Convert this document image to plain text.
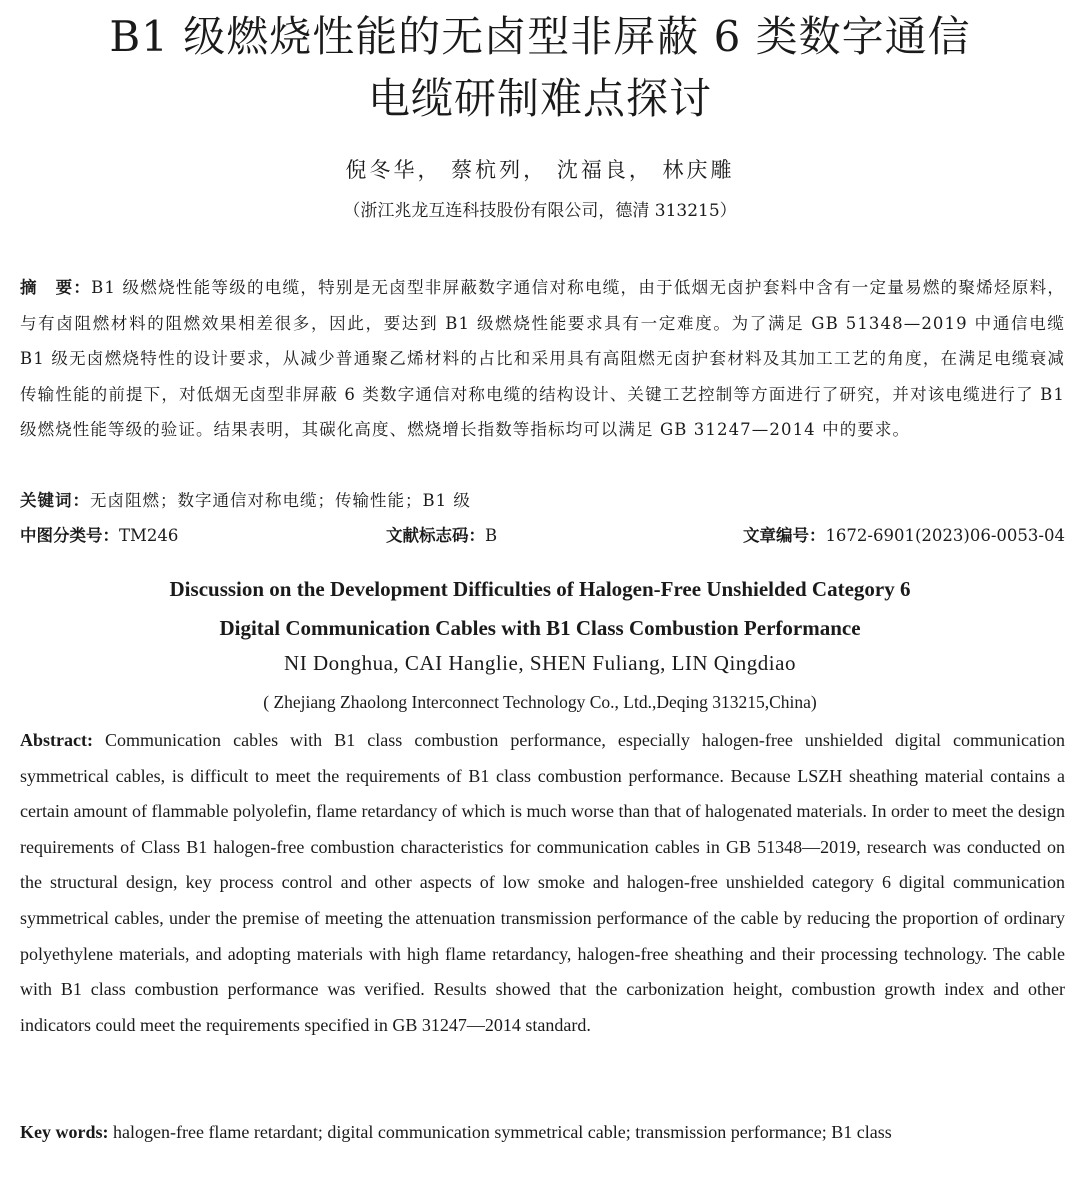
B1 级燃烧性能的无卤型非屏蔽 6 类数字通信
电缆研制难点探讨
倪冬华， 蔡杭列， 沈福良， 林庆雕
（浙江兆龙互连科技股份有限公司，德清 313215）
摘　要：B1 级燃烧性能等级的电缆，特别是无卤型非屏蔽数字通信对称电缆，由于低烟无卤护套料中含有一定量易燃的聚烯烃原料，与有卤阻燃材料的阻燃效果相差很多，因此，要达到 B1 级燃烧性能要求具有一定难度。为了满足 GB 51348—2019 中通信电缆 B1 级无卤燃烧特性的设计要求，从减少普通聚乙烯材料的占比和采用具有高阻燃无卤护套材料及其加工工艺的角度，在满足电缆衰减传输性能的前提下，对低烟无卤型非屏蔽 6 类数字通信对称电缆的结构设计、关键工艺控制等方面进行了研究，并对该电缆进行了 B1 级燃烧性能等级的验证。结果表明，其碳化高度、燃烧增长指数等指标均可以满足 GB 31247—2014 中的要求。
关键词：无卤阻燃；数字通信对称电缆；传输性能；B1 级
中图分类号：TM246	文献标志码：B	文章编号：1672-6901(2023)06-0053-04
Discussion on the Development Difficulties of Halogen-Free Unshielded Category 6
Digital Communication Cables with B1 Class Combustion Performance
NI Donghua, CAI Hanglie, SHEN Fuliang, LIN Qingdiao
( Zhejiang Zhaolong Interconnect Technology Co., Ltd.,Deqing 313215,China)
Abstract: Communication cables with B1 class combustion performance, especially halogen-free unshielded digital communication symmetrical cables, is difficult to meet the requirements of B1 class combustion performance. Because LSZH sheathing material contains a certain amount of flammable polyolefin, flame retardancy of which is much worse than that of halogenated materials. In order to meet the design requirements of Class B1 halogen-free combustion characteristics for communication cables in GB 51348—2019, research was conducted on the structural design, key process control and other aspects of low smoke and halogen-free unshielded category 6 digital communication symmetrical cables, under the premise of meeting the attenuation transmission performance of the cable by reducing the proportion of ordinary polyethylene materials, and adopting materials with high flame retardancy, halogen-free sheathing and their processing technology. The cable with B1 class combustion performance was verified. Results showed that the carbonization height, combustion growth index and other indicators could meet the requirements specified in GB 31247—2014 standard.
Key words: halogen-free flame retardant; digital communication symmetrical cable; transmission performance; B1 class
